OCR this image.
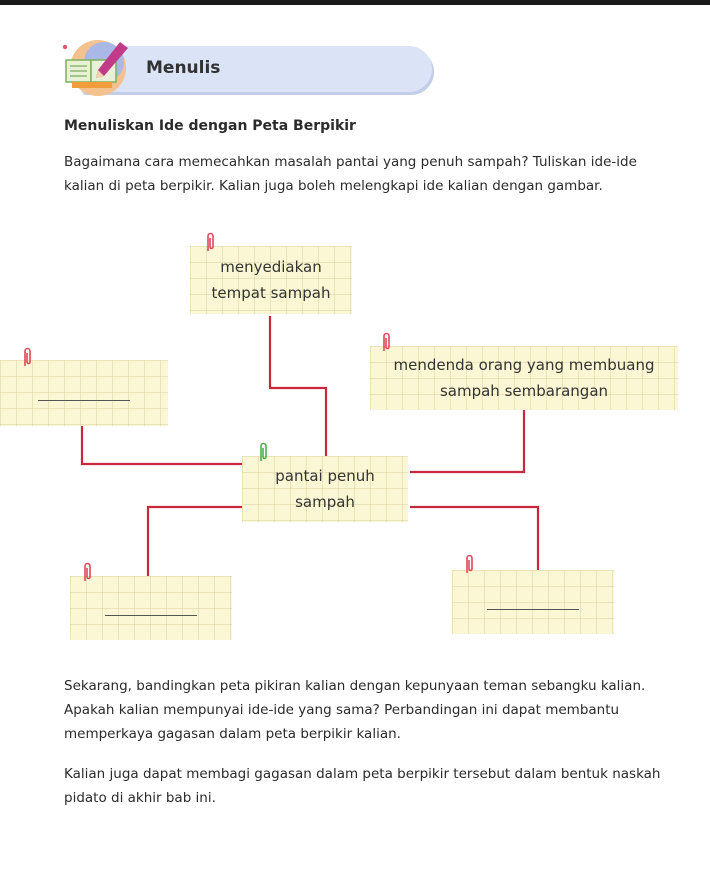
Menulis
Menuliskan Ide dengan Peta Berpikir

Bagaimana cara memecahkan masalah pantai yang penuh sampah? Tuliskan ide-ide kalian di peta berpikir. Kalian juga boleh melengkapi ide kalian dengan gambar.

menyediakan
tempat sampah
mendenda orang yang membuang
sampah sembarangan
pantai penuh
sampah

Sekarang, bandingkan peta pikiran kalian dengan kepunyaan teman sebangku kalian. Apakah kalian mempunyai ide-ide yang sama? Perbandingan ini dapat membantu memperkaya gagasan dalam peta berpikir kalian.

Kalian juga dapat membagi gagasan dalam peta berpikir tersebut dalam bentuk naskah pidato di akhir bab ini.
